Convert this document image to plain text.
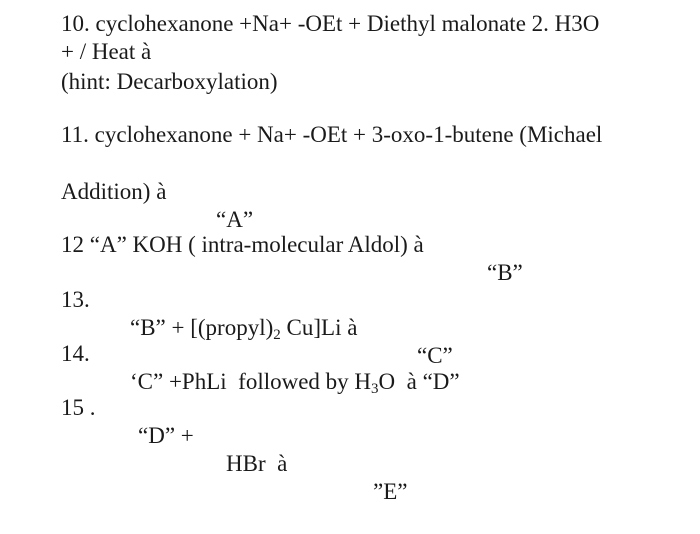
10. cyclohexanone +Na+ -OEt + Diethyl malonate 2. H3O
+ / Heat à
(hint: Decarboxylation)
11. cyclohexanone + Na+ -OEt + 3-oxo-1-butene (Michael

Addition) à

“A”

12 “A” KOH ( intra-molecular Aldol) à

“B”

13.

“B” + [$(propyl)_2$ Cu]Li à

“C”

14.

‘C” +PhLi  followed by $H_3O$  à “D”

15 .

“D” +

HBr  à

”E”
